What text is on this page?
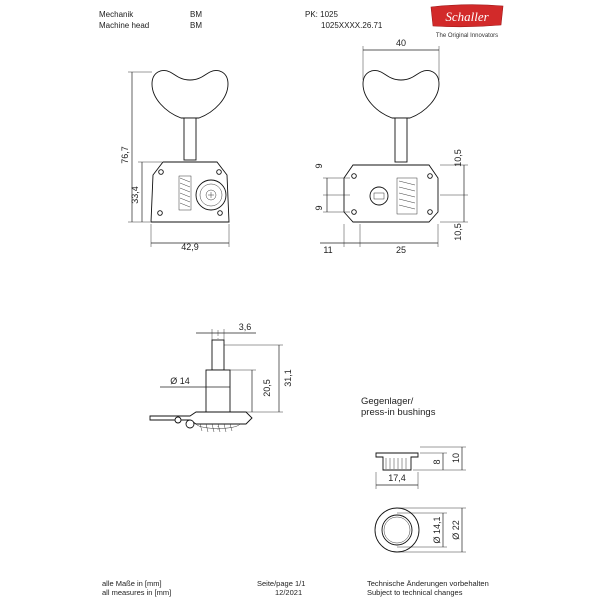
Mechanik
Machine head
BM
BM
PK: 1025
1025XXXX.26.71
Schaller
The Original Innovators
76,7
33,4
42,9
40
9
9
10,5
10,5
11	25
3,6
Ø 14	20,5
31,1
Gegenlager/
press-in bushings
17,4
8 10
Ø 14,1 Ø 22
alle Maße in [mm]
all measures in [mm]
Seite/page 1/1
12/2021
Technische Änderungen vorbehalten
Subject to technical changes
